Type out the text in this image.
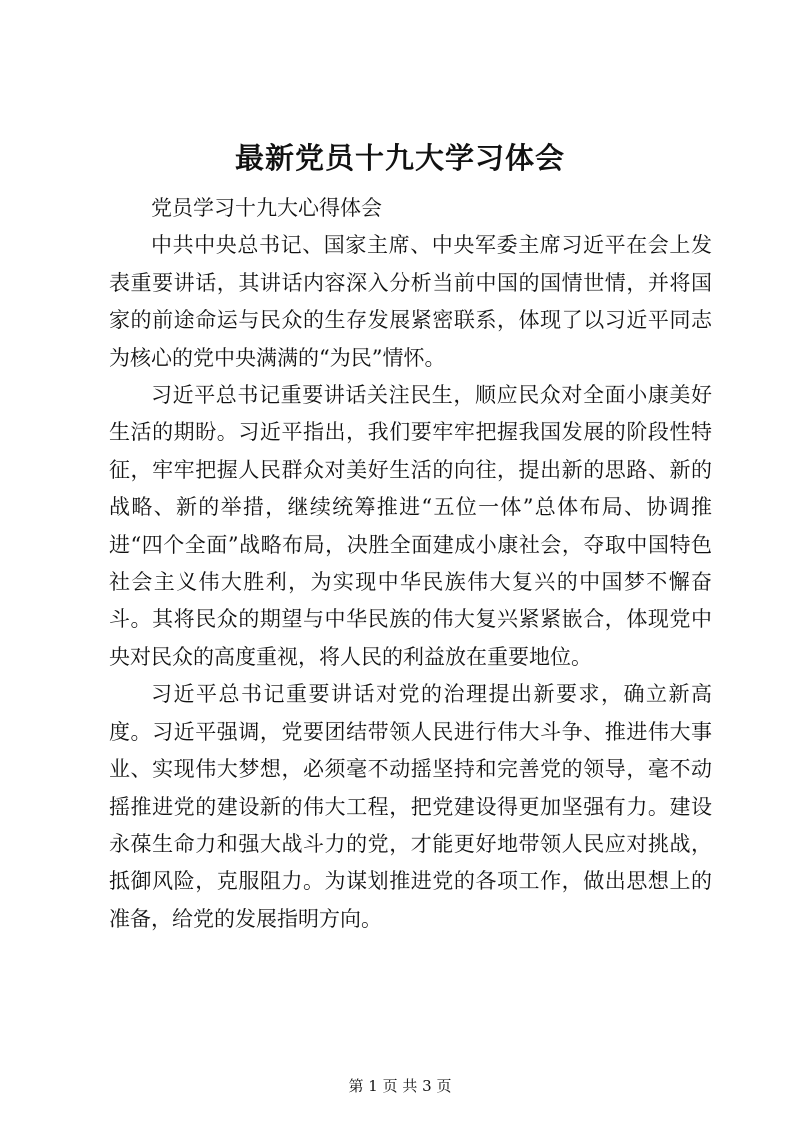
最新党员十九大学习体会

党员学习十九大心得体会

中共中央总书记、国家主席、中央军委主席习近平在会上发表重要讲话，其讲话内容深入分析当前中国的国情世情，并将国家的前途命运与民众的生存发展紧密联系，体现了以习近平同志为核心的党中央满满的“为民”情怀。

习近平总书记重要讲话关注民生，顺应民众对全面小康美好生活的期盼。习近平指出，我们要牢牢把握我国发展的阶段性特征，牢牢把握人民群众对美好生活的向往，提出新的思路、新的战略、新的举措，继续统筹推进“五位一体”总体布局、协调推进“四个全面”战略布局，决胜全面建成小康社会，夺取中国特色社会主义伟大胜利，为实现中华民族伟大复兴的中国梦不懈奋斗。其将民众的期望与中华民族的伟大复兴紧紧嵌合，体现党中央对民众的高度重视，将人民的利益放在重要地位。

习近平总书记重要讲话对党的治理提出新要求，确立新高度。习近平强调，党要团结带领人民进行伟大斗争、推进伟大事业、实现伟大梦想，必须毫不动摇坚持和完善党的领导，毫不动摇推进党的建设新的伟大工程，把党建设得更加坚强有力。建设永葆生命力和强大战斗力的党，才能更好地带领人民应对挑战，抵御风险，克服阻力。为谋划推进党的各项工作，做出思想上的准备，给党的发展指明方向。

第 1 页 共 3 页
